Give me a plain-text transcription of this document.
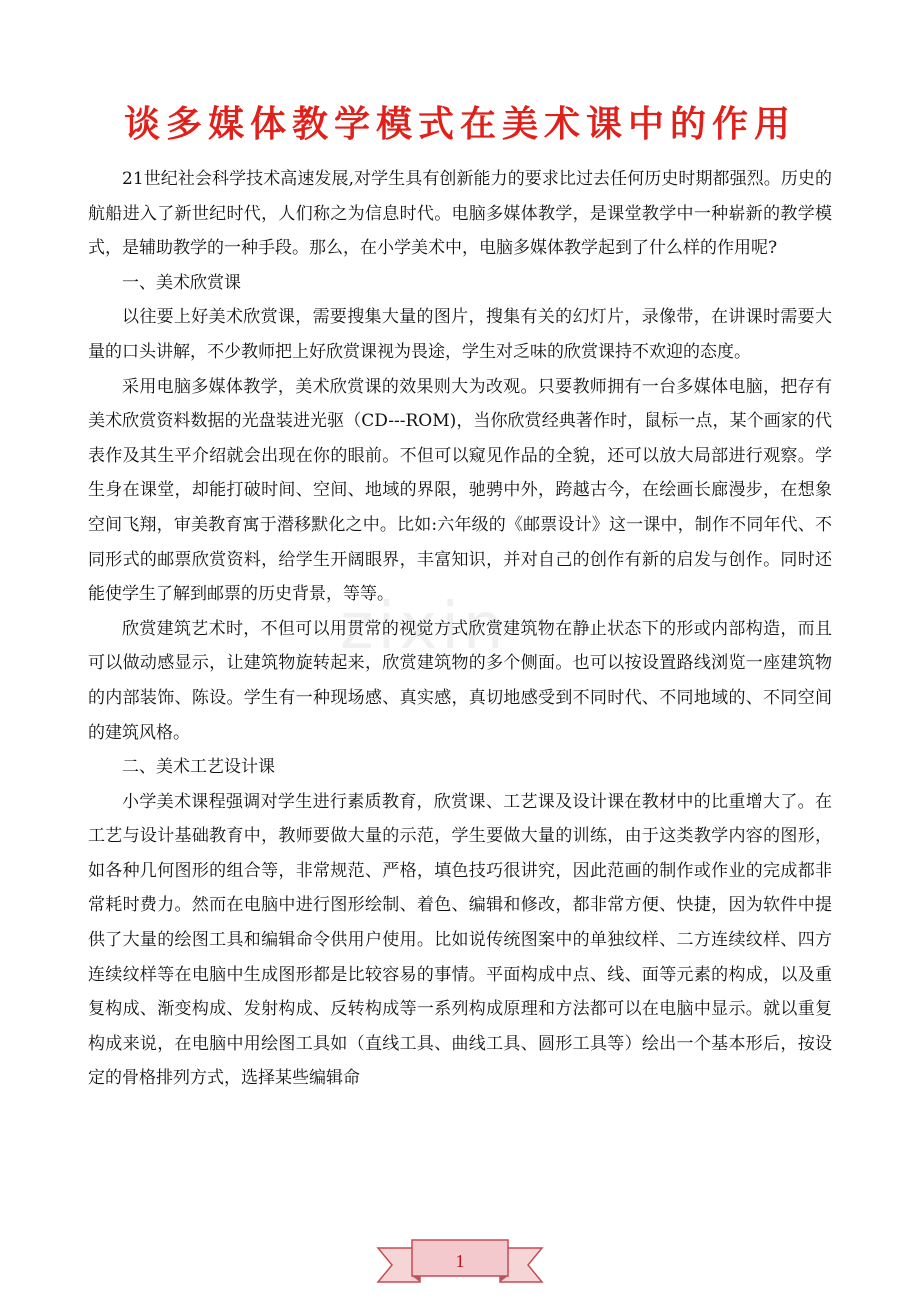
谈多媒体教学模式在美术课中的作用

21世纪社会科学技术高速发展,对学生具有创新能力的要求比过去任何历史时期都强烈。历史的航船进入了新世纪时代，人们称之为信息时代。电脑多媒体教学，是课堂教学中一种崭新的教学模式，是辅助教学的一种手段。那么，在小学美术中，电脑多媒体教学起到了什么样的作用呢?

一、美术欣赏课

以往要上好美术欣赏课，需要搜集大量的图片，搜集有关的幻灯片，录像带，在讲课时需要大量的口头讲解，不少教师把上好欣赏课视为畏途，学生对乏味的欣赏课持不欢迎的态度。

采用电脑多媒体教学，美术欣赏课的效果则大为改观。只要教师拥有一台多媒体电脑，把存有美术欣赏资料数据的光盘装进光驱（CD---ROM)，当你欣赏经典著作时，鼠标一点，某个画家的代表作及其生平介绍就会出现在你的眼前。不但可以窥见作品的全貌，还可以放大局部进行观察。学生身在课堂，却能打破时间、空间、地域的界限，驰骋中外，跨越古今，在绘画长廊漫步，在想象空间飞翔，审美教育寓于潜移默化之中。比如:六年级的《邮票设计》这一课中，制作不同年代、不同形式的邮票欣赏资料，给学生开阔眼界，丰富知识，并对自己的创作有新的启发与创作。同时还能使学生了解到邮票的历史背景，等等。

欣赏建筑艺术时，不但可以用贯常的视觉方式欣赏建筑物在静止状态下的形或内部构造，而且可以做动感显示，让建筑物旋转起来，欣赏建筑物的多个侧面。也可以按设置路线浏览一座建筑物的内部装饰、陈设。学生有一种现场感、真实感，真切地感受到不同时代、不同地域的、不同空间的建筑风格。

二、美术工艺设计课

小学美术课程强调对学生进行素质教育，欣赏课、工艺课及设计课在教材中的比重增大了。在工艺与设计基础教育中，教师要做大量的示范，学生要做大量的训练，由于这类教学内容的图形，如各种几何图形的组合等，非常规范、严格，填色技巧很讲究，因此范画的制作或作业的完成都非常耗时费力。然而在电脑中进行图形绘制、着色、编辑和修改，都非常方便、快捷，因为软件中提供了大量的绘图工具和编辑命令供用户使用。比如说传统图案中的单独纹样、二方连续纹样、四方连续纹样等在电脑中生成图形都是比较容易的事情。平面构成中点、线、面等元素的构成，以及重复构成、渐变构成、发射构成、反转构成等一系列构成原理和方法都可以在电脑中显示。就以重复构成来说，在电脑中用绘图工具如（直线工具、曲线工具、圆形工具等）绘出一个基本形后，按设定的骨格排列方式，选择某些编辑命

zixin
1
